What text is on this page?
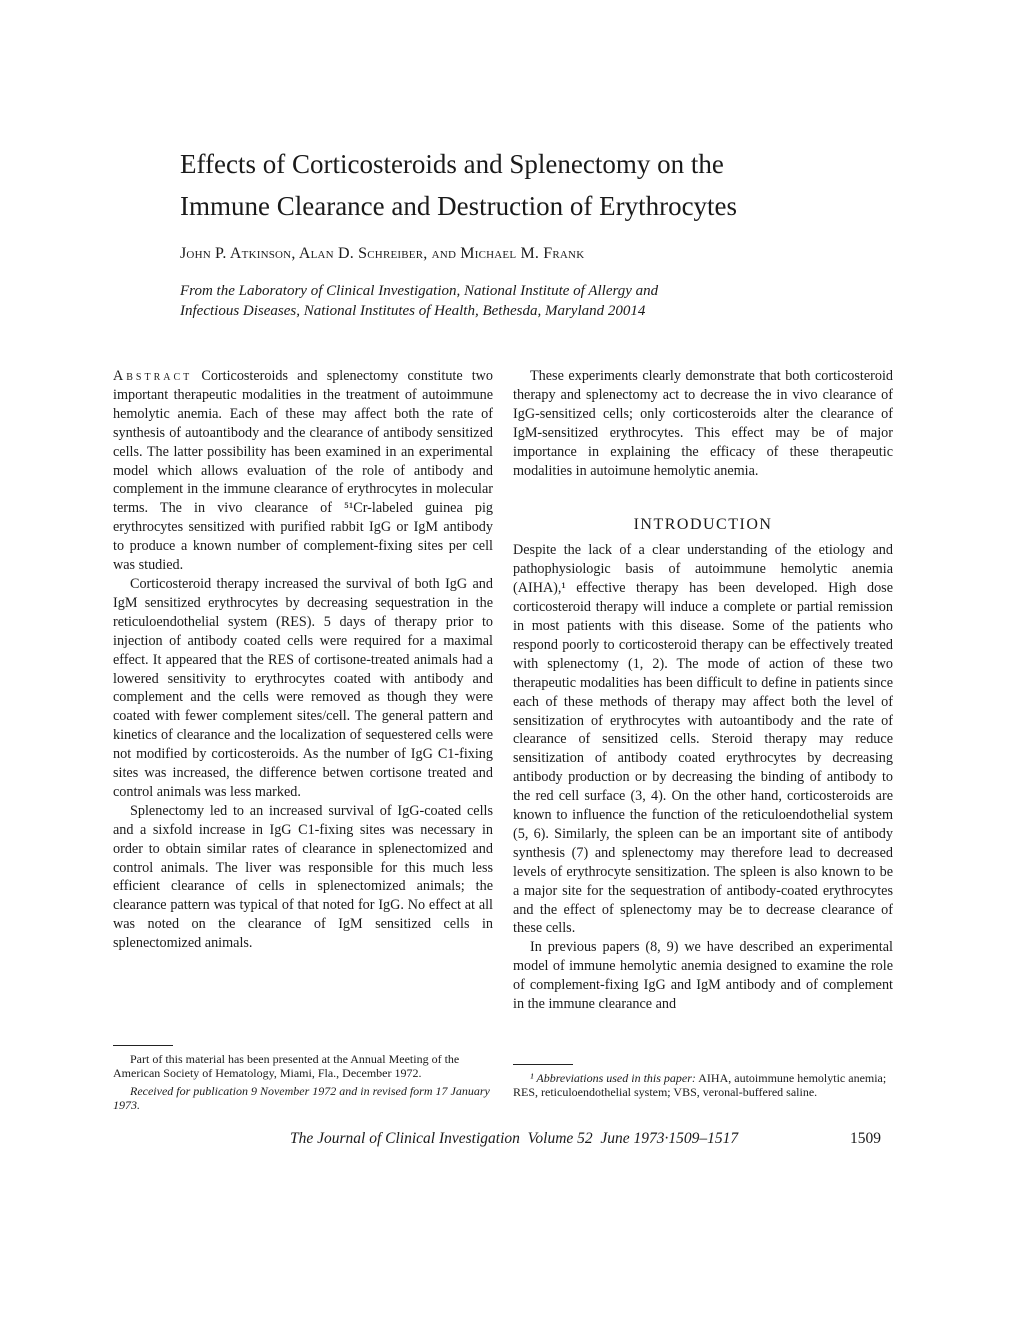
Effects of Corticosteroids and Splenectomy on the
Immune Clearance and Destruction of Erythrocytes
John P. Atkinson, Alan D. Schreiber, and Michael M. Frank
From the Laboratory of Clinical Investigation, National Institute of Allergy and
Infectious Diseases, National Institutes of Health, Bethesda, Maryland 20014

Abstract Corticosteroids and splenectomy constitute two important therapeutic modalities in the treatment of autoimmune hemolytic anemia. Each of these may affect both the rate of synthesis of autoantibody and the clearance of antibody sensitized cells. The latter possibility has been examined in an experimental model which allows evaluation of the role of antibody and complement in the immune clearance of erythrocytes in molecular terms. The in vivo clearance of ⁵¹Cr-labeled guinea pig erythrocytes sensitized with purified rabbit IgG or IgM antibody to produce a known number of complement-fixing sites per cell was studied.

Corticosteroid therapy increased the survival of both IgG and IgM sensitized erythrocytes by decreasing sequestration in the reticuloendothelial system (RES). 5 days of therapy prior to injection of antibody coated cells were required for a maximal effect. It appeared that the RES of cortisone-treated animals had a lowered sensitivity to erythrocytes coated with antibody and complement and the cells were removed as though they were coated with fewer complement sites/cell. The general pattern and kinetics of clearance and the localization of sequestered cells were not modified by corticosteroids. As the number of IgG C1-fixing sites was increased, the difference betwen cortisone treated and control animals was less marked.

Splenectomy led to an increased survival of IgG-coated cells and a sixfold increase in IgG C1-fixing sites was necessary in order to obtain similar rates of clearance in splenectomized and control animals. The liver was responsible for this much less efficient clearance of cells in splenectomized animals; the clearance pattern was typical of that noted for IgG. No effect at all was noted on the clearance of IgM sensitized cells in splenectomized animals.

Part of this material has been presented at the Annual Meeting of the American Society of Hematology, Miami, Fla., December 1972.

Received for publication 9 November 1972 and in revised form 17 January 1973.

These experiments clearly demonstrate that both corticosteroid therapy and splenectomy act to decrease the in vivo clearance of IgG-sensitized cells; only corticosteroids alter the clearance of IgM-sensitized erythrocytes. This effect may be of major importance in explaining the efficacy of these therapeutic modalities in autoimune hemolytic anemia.

INTRODUCTION

Despite the lack of a clear understanding of the etiology and pathophysiologic basis of autoimmune hemolytic anemia (AIHA),¹ effective therapy has been developed. High dose corticosteroid therapy will induce a complete or partial remission in most patients with this disease. Some of the patients who respond poorly to corticosteroid therapy can be effectively treated with splenectomy (1, 2). The mode of action of these two therapeutic modalities has been difficult to define in patients since each of these methods of therapy may affect both the level of sensitization of erythrocytes with autoantibody and the rate of clearance of sensitized cells. Steroid therapy may reduce sensitization of antibody coated erythrocytes by decreasing antibody production or by decreasing the binding of antibody to the red cell surface (3, 4). On the other hand, corticosteroids are known to influence the function of the reticuloendothelial system (5, 6). Similarly, the spleen can be an important site of antibody synthesis (7) and splenectomy may therefore lead to decreased levels of erythrocyte sensitization. The spleen is also known to be a major site for the sequestration of antibody-coated erythrocytes and the effect of splenectomy may be to decrease clearance of these cells.

In previous papers (8, 9) we have described an experimental model of immune hemolytic anemia designed to examine the role of complement-fixing IgG and IgM antibody and of complement in the immune clearance and

¹ Abbreviations used in this paper: AIHA, autoimmune hemolytic anemia; RES, reticuloendothelial system; VBS, veronal-buffered saline.

The Journal of Clinical Investigation Volume 52 June 1973·1509–1517	1509
